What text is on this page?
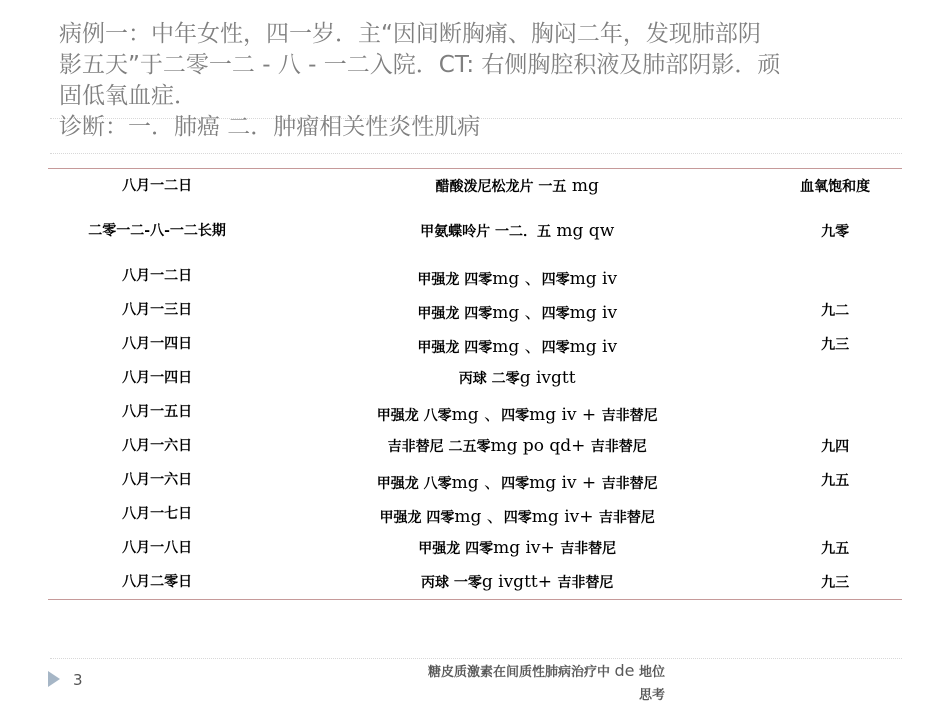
病例一：中年女性，四一岁．主“因间断胸痛、胸闷二年，发现肺部阴
影五天”于二零一二 - 八 - 一二入院．CT: 右侧胸腔积液及肺部阴影．顽
固低氧血症．
诊断：一．肺癌 二．肿瘤相关性炎性肌病
八月一二日	醋酸泼尼松龙片 一五 mg	血氧饱和度
二零一二-八-一二长期	甲氨蝶呤片 一二．五 mg qw	九零
八月一二日	甲强龙 四零mg 、四零mg iv	
八月一三日	甲强龙 四零mg 、四零mg iv	九二
八月一四日	甲强龙 四零mg 、四零mg iv	九三
八月一四日	丙球 二零g ivgtt	
八月一五日	甲强龙 八零mg 、四零mg iv + 吉非替尼	
八月一六日	吉非替尼 二五零mg po qd+ 吉非替尼	九四
八月一六日	甲强龙 八零mg 、四零mg iv + 吉非替尼	九五
八月一七日	甲强龙 四零mg 、四零mg iv+ 吉非替尼	
八月一八日	甲强龙 四零mg iv+ 吉非替尼	九五
八月二零日	丙球 一零g ivgtt+ 吉非替尼	九三
3	糖皮质激素在间质性肺病治疗中 de 地位
思考
